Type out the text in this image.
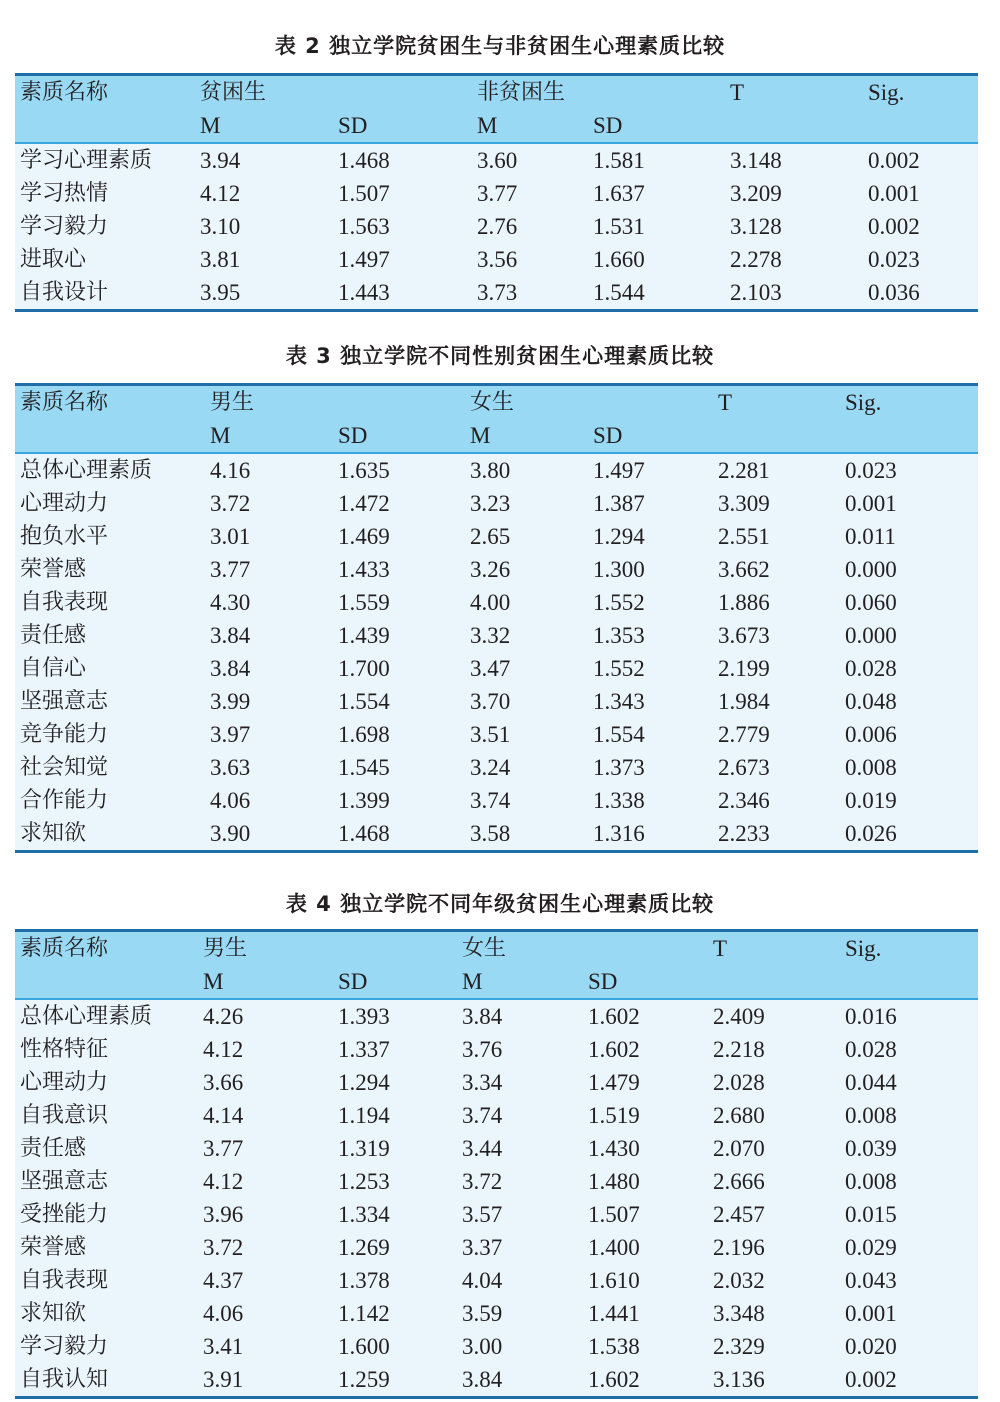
表 2 独立学院贫困生与非贫困生心理素质比较
素质名称	贫困生	非贫困生	T	Sig.
M	SD	M	SD
学习心理素质 3.94	1.468	3.60	1.581	3.148	0.002
学习热情	4.12	1.507	3.77	1.637	3.209	0.001
学习毅力	3.10	1.563	2.76	1.531	3.128	0.002
进取心	3.81	1.497	3.56	1.660	2.278	0.023
自我设计	3.95	1.443	3.73	1.544	2.103	0.036
表 3 独立学院不同性别贫困生心理素质比较
素质名称	男生	女生	T	Sig.
M	SD	M	SD
总体心理素质	4.16	1.635	3.80	1.497	2.281	0.023
心理动力	3.72	1.472	3.23	1.387	3.309	0.001
抱负水平	3.01	1.469	2.65	1.294	2.551	0.011
荣誉感	3.77	1.433	3.26	1.300	3.662	0.000
自我表现	4.30	1.559	4.00	1.552	1.886	0.060
责任感	3.84	1.439	3.32	1.353	3.673	0.000
自信心	3.84	1.700	3.47	1.552	2.199	0.028
坚强意志	3.99	1.554	3.70	1.343	1.984	0.048
竞争能力	3.97	1.698	3.51	1.554	2.779	0.006
社会知觉	3.63	1.545	3.24	1.373	2.673	0.008
合作能力	4.06	1.399	3.74	1.338	2.346	0.019
求知欲	3.90	1.468	3.58	1.316	2.233	0.026
表 4 独立学院不同年级贫困生心理素质比较
素质名称	男生	女生	T	Sig.
M	SD	M	SD
总体心理素质 4.26	1.393	3.84	1.602	2.409	0.016
性格特征	4.12	1.337	3.76	1.602	2.218	0.028
心理动力	3.66	1.294	3.34	1.479	2.028	0.044
自我意识	4.14	1.194	3.74	1.519	2.680	0.008
责任感	3.77	1.319	3.44	1.430	2.070	0.039
坚强意志	4.12	1.253	3.72	1.480	2.666	0.008
受挫能力	3.96	1.334	3.57	1.507	2.457	0.015
荣誉感	3.72	1.269	3.37	1.400	2.196	0.029
自我表现	4.37	1.378	4.04	1.610	2.032	0.043
求知欲	4.06	1.142	3.59	1.441	3.348	0.001
学习毅力	3.41	1.600	3.00	1.538	2.329	0.020
自我认知	3.91	1.259	3.84	1.602	3.136	0.002
